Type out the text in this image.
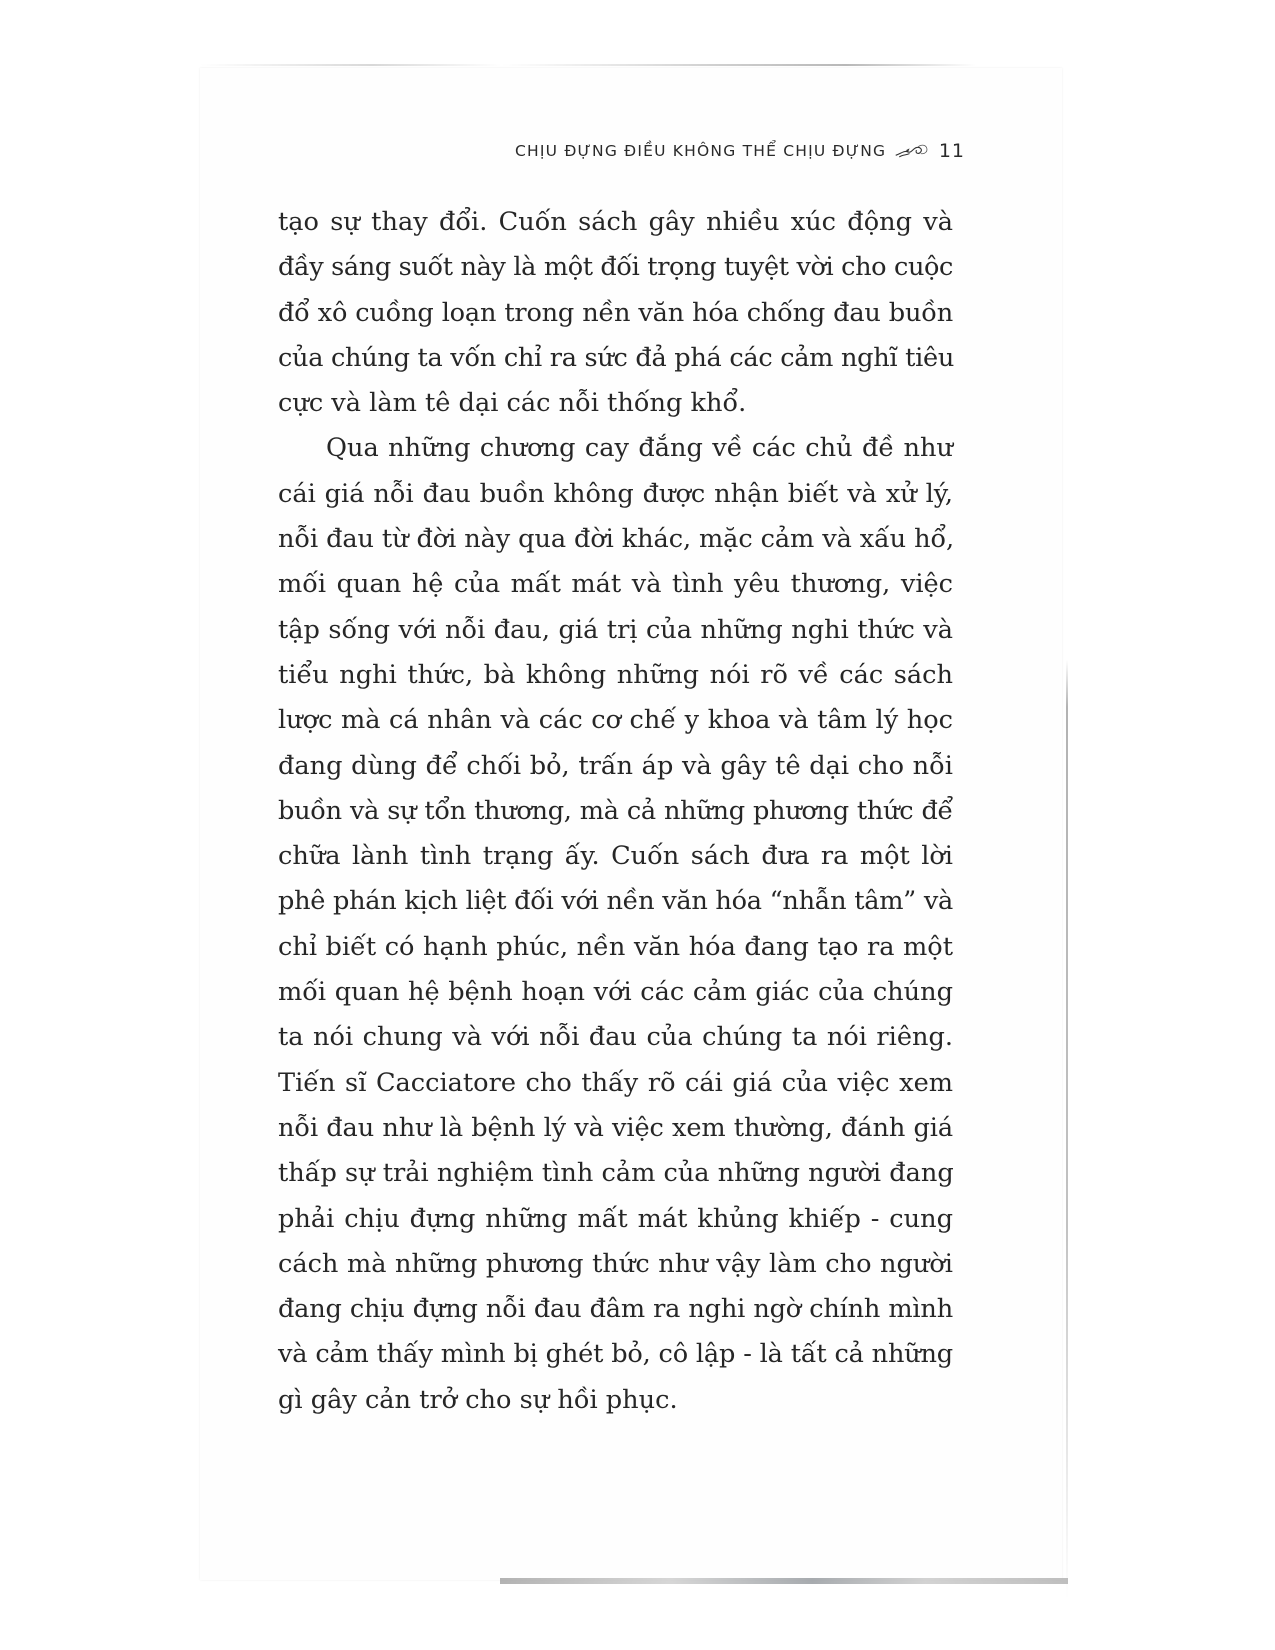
CHỊU ĐỰNG ĐIỀU KHÔNG THỂ CHỊU ĐỰNG	11

tạo sự thay đổi. Cuốn sách gây nhiều xúc động và
đầy sáng suốt này là một đối trọng tuyệt vời cho cuộc
đổ xô cuồng loạn trong nền văn hóa chống đau buồn
của chúng ta vốn chỉ ra sức đả phá các cảm nghĩ tiêu
cực và làm tê dại các nỗi thống khổ.

Qua những chương cay đắng về các chủ đề như
cái giá nỗi đau buồn không được nhận biết và xử lý,
nỗi đau từ đời này qua đời khác, mặc cảm và xấu hổ,
mối quan hệ của mất mát và tình yêu thương, việc
tập sống với nỗi đau, giá trị của những nghi thức và
tiểu nghi thức, bà không những nói rõ về các sách
lược mà cá nhân và các cơ chế y khoa và tâm lý học
đang dùng để chối bỏ, trấn áp và gây tê dại cho nỗi
buồn và sự tổn thương, mà cả những phương thức để
chữa lành tình trạng ấy. Cuốn sách đưa ra một lời
phê phán kịch liệt đối với nền văn hóa “nhẫn tâm” và
chỉ biết có hạnh phúc, nền văn hóa đang tạo ra một
mối quan hệ bệnh hoạn với các cảm giác của chúng
ta nói chung và với nỗi đau của chúng ta nói riêng.
Tiến sĩ Cacciatore cho thấy rõ cái giá của việc xem
nỗi đau như là bệnh lý và việc xem thường, đánh giá
thấp sự trải nghiệm tình cảm của những người đang
phải chịu đựng những mất mát khủng khiếp - cung
cách mà những phương thức như vậy làm cho người
đang chịu đựng nỗi đau đâm ra nghi ngờ chính mình
và cảm thấy mình bị ghét bỏ, cô lập - là tất cả những
gì gây cản trở cho sự hồi phục.
